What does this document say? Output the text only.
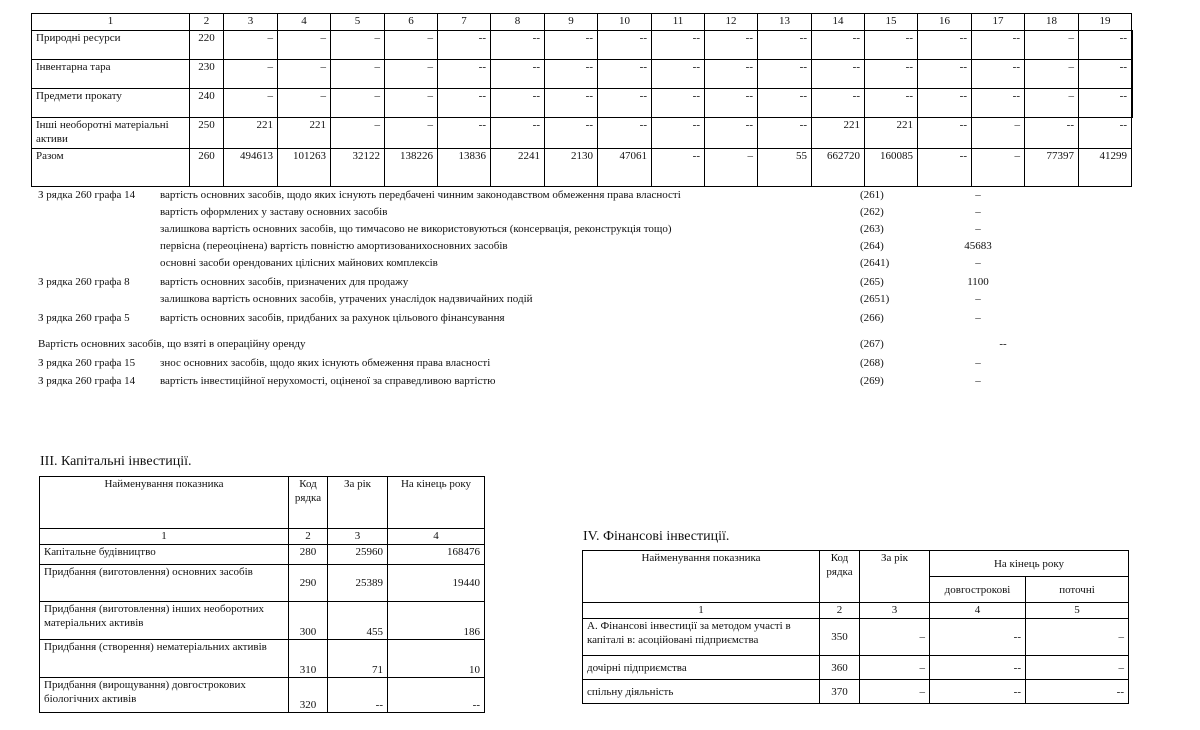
1	2	3	4	5	6	7	8	9	10	11	12	13	14	15	16	17	18	19	
Природні ресурси	220	–	–	–	–	--	--	--	--	--	--	--	--	--	--	--	–	--	
Інвентарна тара	230	–	–	–	–	--	--	--	--	--	--	--	--	--	--	--	–	--	
Предмети прокату	240	–	–	–	–	--	--	--	--	--	--	--	--	--	--	--	–	--	
Інші необоротні матеріальні активи	250	221	221	–	–	--	--	--	--	--	--	--	221	221	--	–	--	--	
Разом	260	494613	101263	32122	138226	13836	2241	2130	47061	--	–	55	662720	160085	--	–	77397	41299	
З рядка 260 графа 14 вартість основних засобів, щодо яких існують передбачені чинним законодавством обмеження права власності	(261)	–
вартість оформлених у заставу основних засобів	(262)	–
залишкова вартість основних засобів, що тимчасово не використовуються (консервація, реконструкція тощо)	(263)	–
первісна (переоцінена) вартість повністю амортизованихосновних засобів	(264)	45683
основні засоби орендованих цілісних майнових комплексів	(2641)	–
З рядка 260 графа 8	вартість основних засобів, призначених для продажу	(265)	1100
залишкова вартість основних засобів, утрачених унаслідок надзвичайних подій	(2651)	–
З рядка 260 графа 5	вартість основних засобів, придбаних за рахунок цільового фінансування	(266)	–
Вартість основних засобів, що взяті в операційну оренду	(267)	--
З рядка 260 графа 15 знос основних засобів, щодо яких існують обмеження права власності	(268)	–
З рядка 260 графа 14 вартість інвестиційної нерухомості, оціненої за справедливою вартістю	(269)	–
ІІІ. Капітальні інвестиції.
Найменування показника	Код рядка	За рік	На кінець року
1	2	3	4
Капітальне будівництво	280	25960	168476
Придбання (виготовлення) основних засобів	290	25389	19440
Придбання (виготовлення) інших необоротних матеріальних активів	300	455	186
Придбання (створення) нематеріальних активів	310	71	10
Придбання (вирощування) довгострокових біологічних активів	320	--	--
IV. Фінансові інвестиції.
Найменування показника	Код рядка	За рік	На кінець року	
			довгострокові	поточні
1	2	3	4	5
А. Фінансові інвестиції за методом участі в капіталі в: асоційовані підприємства	350	–	--	–
дочірні підприємства	360	–	--	–
спільну діяльність	370	–	--	--
